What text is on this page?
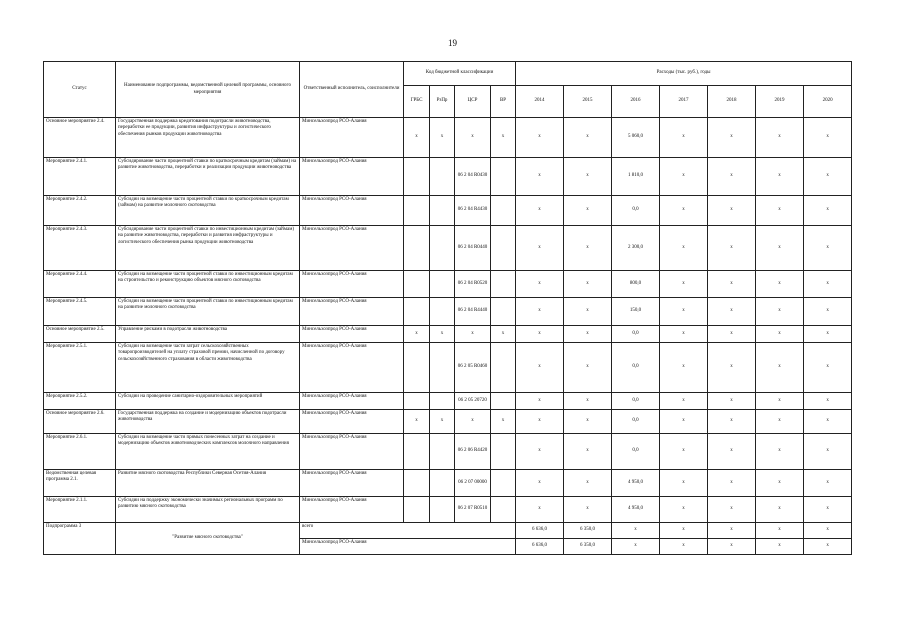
19
Статус	Наименование подпрограммы, ведомственной целевой программы, основного мероприятия	Ответственный исполнитель, соисполнители	Код бюджетной классификации				Расходы (тыс. руб.), годы						
			ГРБС	РзПр	ЦСР	ВР	2014	2015	2016	2017	2018	2019	2020
Основное мероприятие 2.4.	Государственная поддержка кредитования подотрасли животноводства, переработки ее продукции, развития инфраструктуры и логистического обеспечения рынков продукции животноводства	Минсельхозпрод РСО-Алания	х	х	х	х	х	х	5 060,0	х	х	х	х
Мероприятие 2.4.1.	Субсидирование части процентной ставки по краткосрочным кредитам (займам) на развитие животноводства, переработки и реализации продукции животноводства	Минсельхозпрод РСО-Алания			06 2 04 R0430		х	х	1 810,0	х	х	х	х
Мероприятие 2.4.2.	Субсидии на возмещение части процентной ставки по краткосрочным кредитам (займам) на развитие молочного скотоводства	Минсельхозпрод РСО-Алания			06 2 04 R4430		х	х	0,0	х	х	х	х
Мероприятие 2.4.3.	Субсидирование части процентной ставки по инвестиционным кредитам (займам) на развитие животноводства, переработки и развития инфраструктуры и логистического обеспечения рынка продукции животноводства	Минсельхозпрод РСО-Алания			06 2 04 R0440		х	х	2 300,0	х	х	х	х
Мероприятие 2.4.4.	Субсидии на возмещение части процентной ставки по инвестиционным кредитам на строительство и реконструкцию объектов мясного скотоводства	Минсельхозпрод РСО-Алания			06 2 04 R0520		х	х	800,0	х	х	х	х
Мероприятие 2.4.5.	Субсидии на возмещение части процентной ставки по инвестиционным кредитам на развитие молочного скотоводства	Минсельхозпрод РСО-Алания			06 2 04 R4440		х	х	150,0	х	х	х	х
Основное мероприятие 2.5.	Управление рисками в подотрасли животноводства	Минсельхозпрод РСО-Алания	х	х	х	х	х	х	0,0	х	х	х	х
Мероприятие 2.5.1.	Субсидии на возмещение части затрат сельскохозяйственных товаропроизводителей на уплату страховой премии, начисленной по договору сельскохозяйственного страхования в области животноводства	Минсельхозпрод РСО-Алания			06 2 05 R0460		х	х	0,0	х	х	х	х
Мероприятие 2.5.2.	Субсидии на проведение санитарно-оздоровительных мероприятий	Минсельхозпрод РСО-Алания			06 2 05 20720		х	х	0,0	х	х	х	х
Основное мероприятие 2.6.	Государственная поддержка на создание и модернизацию объектов подотрасли животноводства	Минсельхозпрод РСО-Алания	х	х	х	х	х	х	0,0	х	х	х	х
Мероприятие 2.6.1.	Субсидии на возмещение части прямых понесенных затрат на создание и модернизацию объектов животноводческих комплексов молочного направления	Минсельхозпрод РСО-Алания			06 2 06 R4420		х	х	0,0	х	х	х	х
Ведомственная целевая программа 2.1.	Развитие мясного скотоводства Республики Северная Осетия-Алания	Минсельхозпрод РСО-Алания			06 2 07 00000		х	х	4 950,0	х	х	х	х
Мероприятие 2.1.1.	Субсидии на поддержку экономически значимых региональных программ по развитию мясного скотоводства	Минсельхозпрод РСО-Алания			06 2 07 R0510		х	х	4 950,0	х	х	х	х
Подпрограмма 3	"Развитие мясного скотоводства"	всего					6 636,0	6 350,0	х	х	х	х	х
		Минсельхозпрод РСО-Алания					6 636,0	6 350,0	х	х	х	х	х
